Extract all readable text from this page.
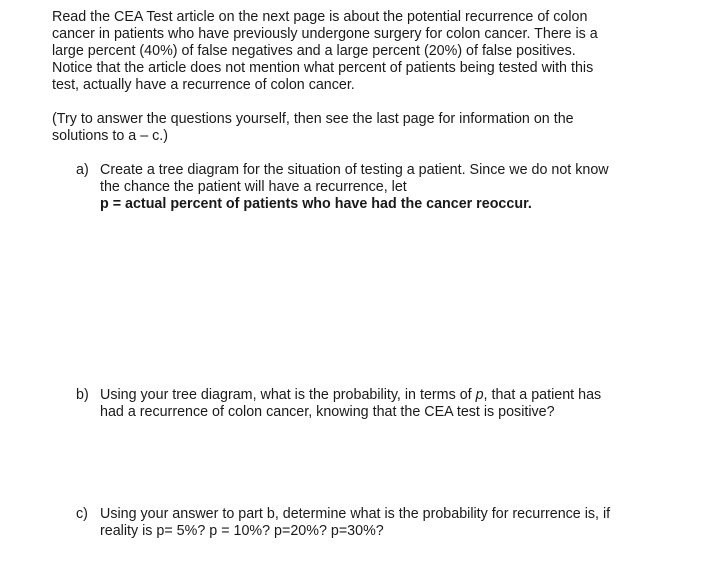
Read the CEA Test article on the next page is about the potential recurrence of colon
cancer in patients who have previously undergone surgery for colon cancer. There is a
large percent (40%) of false negatives and a large percent (20%) of false positives.
Notice that the article does not mention what percent of patients being tested with this
test, actually have a recurrence of colon cancer.
(Try to answer the questions yourself, then see the last page for information on the
solutions to a – c.)
a) Create a tree diagram for the situation of testing a patient. Since we do not know
the chance the patient will have a recurrence, let
p = actual percent of patients who have had the cancer reoccur.
b) Using your tree diagram, what is the probability, in terms of p, that a patient has
had a recurrence of colon cancer, knowing that the CEA test is positive?
c) Using your answer to part b, determine what is the probability for recurrence is, if
reality is p= 5%? p = 10%? p=20%? p=30%?
